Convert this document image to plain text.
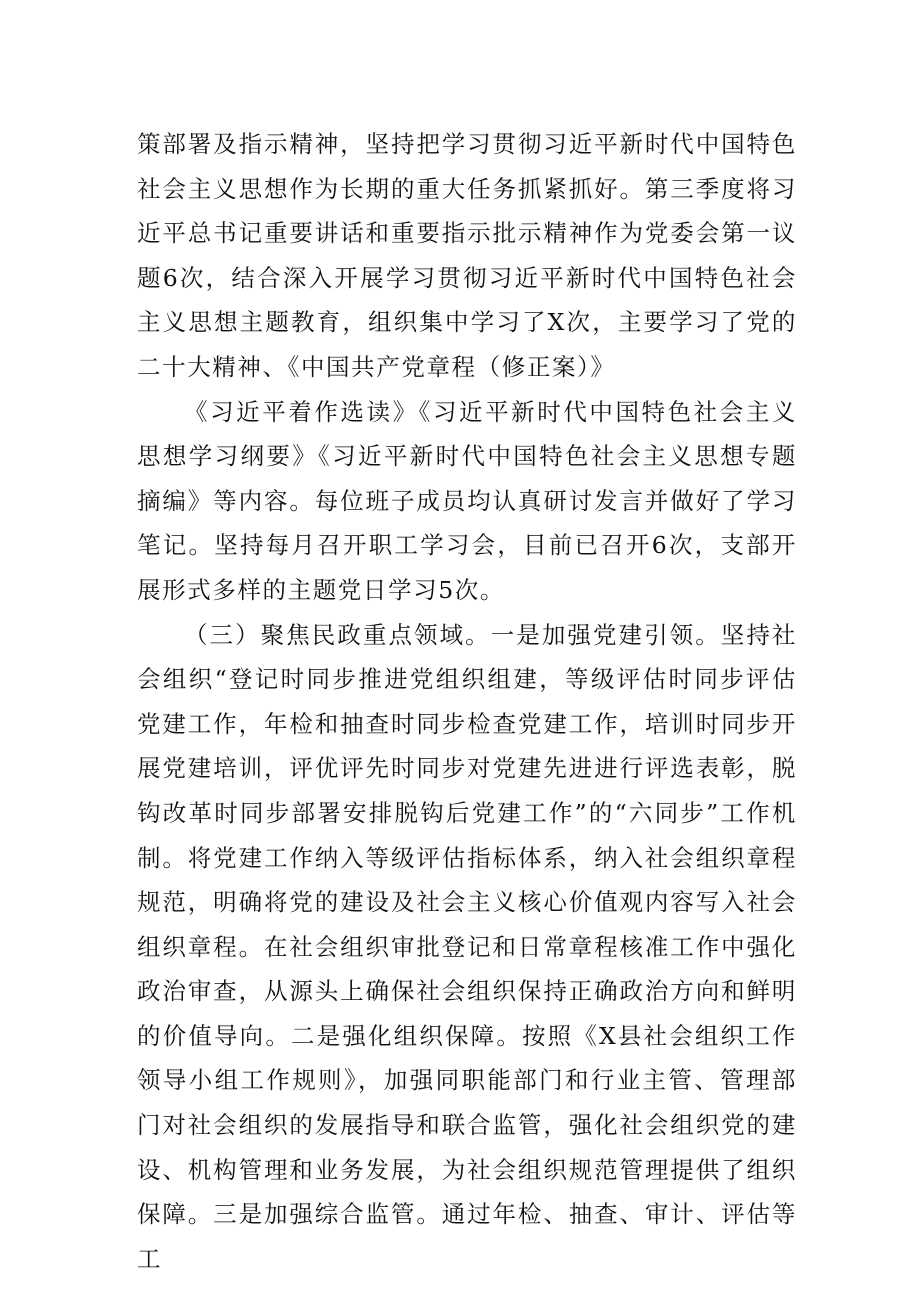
策部署及指示精神，坚持把学习贯彻习近平新时代中国特色社会主义思想作为长期的重大任务抓紧抓好。第三季度将习近平总书记重要讲话和重要指示批示精神作为党委会第一议题6次，结合深入开展学习贯彻习近平新时代中国特色社会主义思想主题教育，组织集中学习了X次，主要学习了党的二十大精神、《中国共产党章程（修正案）》

《习近平着作选读》《习近平新时代中国特色社会主义思想学习纲要》《习近平新时代中国特色社会主义思想专题摘编》等内容。每位班子成员均认真研讨发言并做好了学习笔记。坚持每月召开职工学习会，目前已召开6次，支部开展形式多样的主题党日学习5次。

（三）聚焦民政重点领域。一是加强党建引领。坚持社会组织“登记时同步推进党组织组建，等级评估时同步评估党建工作，年检和抽查时同步检查党建工作，培训时同步开展党建培训，评优评先时同步对党建先进进行评选表彰，脱钩改革时同步部署安排脱钩后党建工作”的“六同步”工作机制。将党建工作纳入等级评估指标体系，纳入社会组织章程规范，明确将党的建设及社会主义核心价值观内容写入社会组织章程。在社会组织审批登记和日常章程核准工作中强化政治审查，从源头上确保社会组织保持正确政治方向和鲜明的价值导向。二是强化组织保障。按照《X县社会组织工作领导小组工作规则》，加强同职能部门和行业主管、管理部门对社会组织的发展指导和联合监管，强化社会组织党的建设、机构管理和业务发展，为社会组织规范管理提供了组织保障。三是加强综合监管。通过年检、抽查、审计、评估等工
